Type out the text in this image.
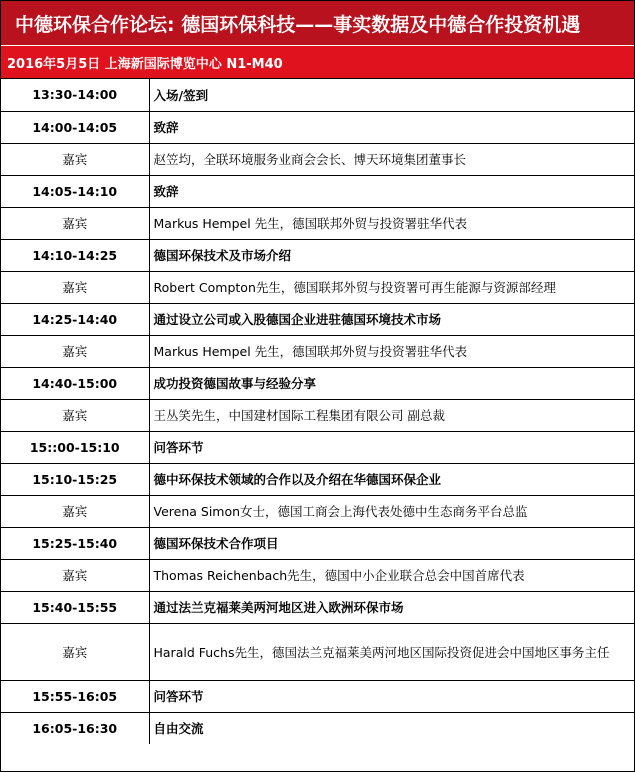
中德环保合作论坛: 德国环保科技——事实数据及中德合作投资机遇
2016年5月5日 上海新国际博览中心 N1-M40
13:30-14:00	入场/签到
14:00-14:05	致辞
嘉宾	赵笠均，全联环境服务业商会会长、博天环境集团董事长
14:05-14:10	致辞
嘉宾	Markus Hempel 先生，德国联邦外贸与投资署驻华代表
14:10-14:25	德国环保技术及市场介绍
嘉宾	Robert Compton先生，德国联邦外贸与投资署可再生能源与资源部经理
14:25-14:40	通过设立公司或入股德国企业进驻德国环境技术市场
嘉宾	Markus Hempel 先生，德国联邦外贸与投资署驻华代表
14:40-15:00	成功投资德国故事与经验分享
嘉宾	王丛笑先生，中国建材国际工程集团有限公司 副总裁
15::00-15:10	问答环节
15:10-15:25	德中环保技术领域的合作以及介绍在华德国环保企业
嘉宾	Verena Simon女士，德国工商会上海代表处德中生态商务平台总监
15:25-15:40	德国环保技术合作项目
嘉宾	Thomas Reichenbach先生，德国中小企业联合总会中国首席代表
15:40-15:55	通过法兰克福莱美两河地区进入欧洲环保市场
嘉宾	Harald Fuchs先生，德国法兰克福莱美两河地区国际投资促进会中国地区事务主任
15:55-16:05	问答环节
16:05-16:30	自由交流
